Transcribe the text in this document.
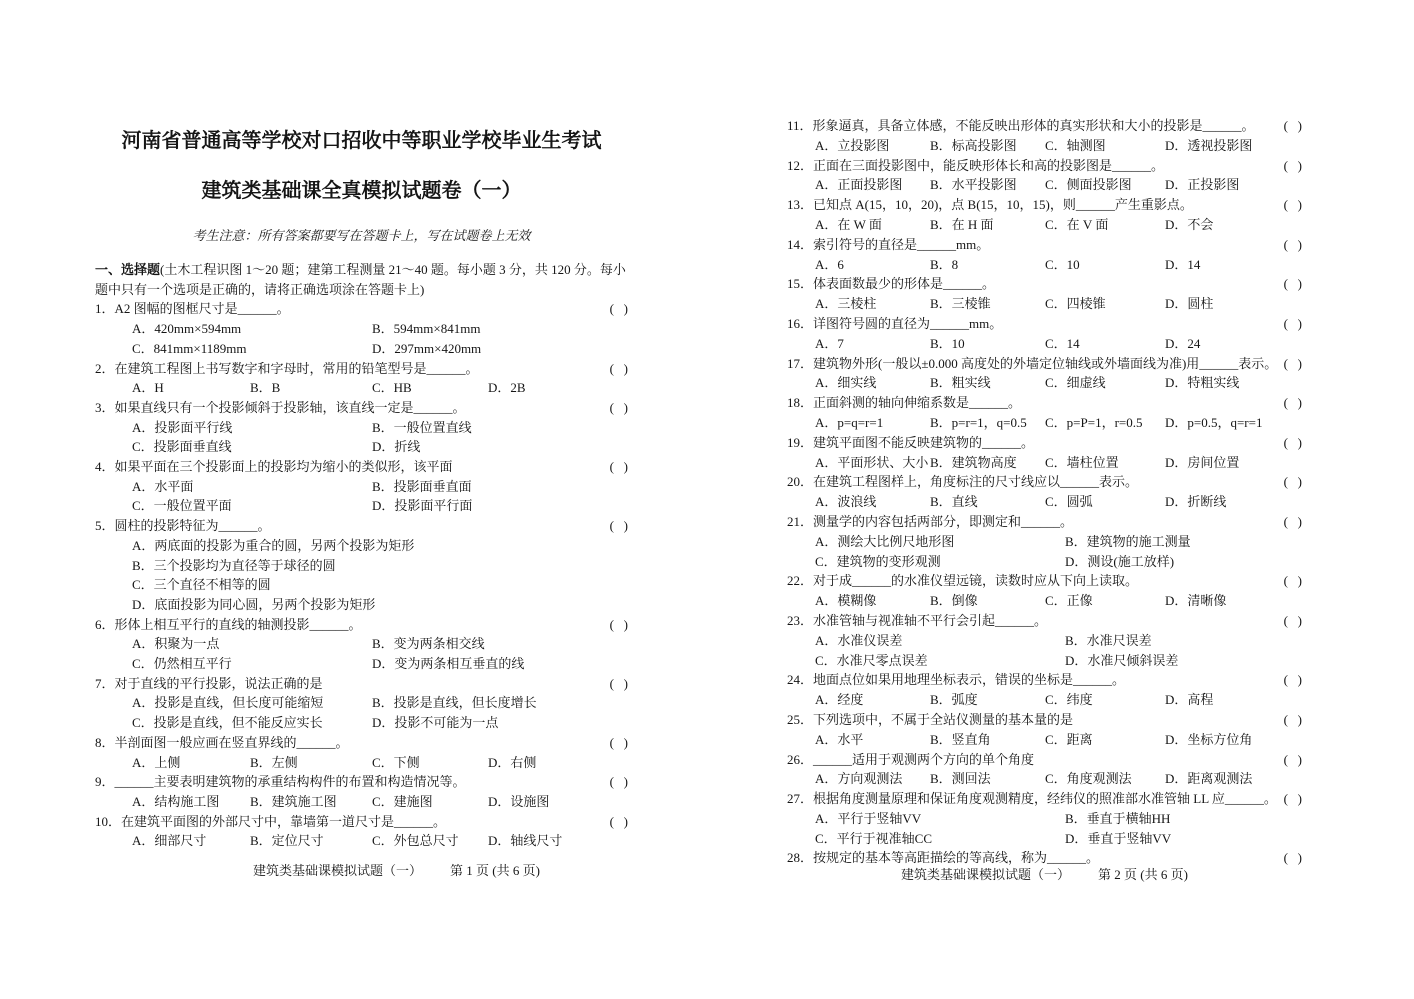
河南省普通高等学校对口招收中等职业学校毕业生考试
建筑类基础课全真模拟试题卷（一）
考生注意：所有答案都要写在答题卡上，写在试题卷上无效
一、选择题(土木工程识图 1～20 题；建第工程测量 21～40 题。每小题 3 分，共 120 分。每小
题中只有一个选项是正确的，请将正确选项涂在答题卡上)
1．A2 图幅的图框尺寸是______。	(   )
A．420mm×594mm	B．594mm×841mm
C．841mm×1189mm	D．297mm×420mm
2．在建筑工程图上书写数字和字母时，常用的铅笔型号是______。	(   )
A．H	B．B	C．HB	D．2B
3．如果直线只有一个投影倾斜于投影轴，该直线一定是______。	(   )
A．投影面平行线	B．一般位置直线
C．投影面垂直线	D．折线
4．如果平面在三个投影面上的投影均为缩小的类似形，该平面	(   )
A．水平面	B．投影面垂直面
C．一般位置平面	D．投影面平行面
5．圆柱的投影特征为______。	(   )
A．两底面的投影为重合的圆，另两个投影为矩形
B．三个投影均为直径等于球径的圆
C．三个直径不相等的圆
D．底面投影为同心圆，另两个投影为矩形
6．形体上相互平行的直线的轴测投影______。	(   )
A．积聚为一点	B．变为两条相交线
C．仍然相互平行	D．变为两条相互垂直的线
7．对于直线的平行投影，说法正确的是	(   )
A．投影是直线，但长度可能缩短	B．投影是直线，但长度增长
C．投影是直线，但不能反应实长	D．投影不可能为一点
8．半剖面图一般应画在竖直界线的______。	(   )
A．上侧	B．左侧	C．下侧	D．右侧
9．______主要表明建筑物的承重结构构件的布置和构造情况等。	(   )
A．结构施工图	B．建筑施工图	C．建施图	D．设施图
10．在建筑平面图的外部尺寸中，靠墙第一道尺寸是______。	(   )
A．细部尺寸	B．定位尺寸	C．外包总尺寸	D．轴线尺寸
11．形象逼真，具备立体感，不能反映出形体的真实形状和大小的投影是______。 (   )
A．立投影图	B．标高投影图	C．轴测图	D．透视投影图
12．正面在三面投影图中，能反映形体长和高的投影图是______。	(   )
A．正面投影图	B．水平投影图	C．侧面投影图	D．正投影图
13．已知点 A(15，10，20)，点 B(15，10，15)，则______产生重影点。	(   )
A．在 W 面	B．在 H 面	C．在 V 面	D．不会
14．索引符号的直径是______mm。	(   )
A．6	B．8	C．10	D．14
15．体表面数最少的形体是______。	(   )
A．三棱柱	B．三棱锥	C．四棱锥	D．圆柱
16．详图符号圆的直径为______mm。	(   )
A．7	B．10	C．14	D．24
17．建筑物外形(一般以±0.000 高度处的外墙定位轴线或外墙面线为准)用______表示。 (   )
A．细实线	B．粗实线	C．细虚线	D．特粗实线
18．正面斜测的轴向伸缩系数是______。	(   )
A．p=q=r=1	B．p=r=1，q=0.5	C．p=P=1，r=0.5	D．p=0.5，q=r=1
19．建筑平面图不能反映建筑物的______。	(   )
A．平面形状、大小 B．建筑物高度	C．墙柱位置	D．房间位置
20．在建筑工程图样上，角度标注的尺寸线应以______表示。	(   )
A．波浪线	B．直线	C．圆弧	D．折断线
21．测量学的内容包括两部分，即测定和______。	(   )
A．测绘大比例尺地形图	B．建筑物的施工测量
C．建筑物的变形观测	D．测设(施工放样)
22．对于成______的水准仪望远镜，读数时应从下向上读取。	(   )
A．模糊像	B．倒像	C．正像	D．清晰像
23．水准管轴与视准轴不平行会引起______。	(   )
A．水准仪误差	B．水准尺误差
C．水准尺零点误差	D．水准尺倾斜误差
24．地面点位如果用地理坐标表示，错误的坐标是______。	(   )
A．经度	B．弧度	C．纬度	D．高程
25．下列选项中，不属于全站仪测量的基本量的是	(   )
A．水平	B．竖直角	C．距离	D．坐标方位角
26．______适用于观测两个方向的单个角度	(   )
A．方向观测法	B．测回法	C．角度观测法	D．距离观测法
27．根据角度测量原理和保证角度观测精度，经纬仪的照准部水准管轴 LL 应______。 (   )
A．平行于竖轴VV	B．垂直于横轴HH
C．平行于视准轴CC	D．垂直于竖轴VV
28．按规定的基本等高距描绘的等高线，称为______。	(   )
建筑类基础课模拟试题（一） 第 1 页 (共 6 页)	建筑类基础课模拟试题（一） 第 2 页 (共 6 页)
